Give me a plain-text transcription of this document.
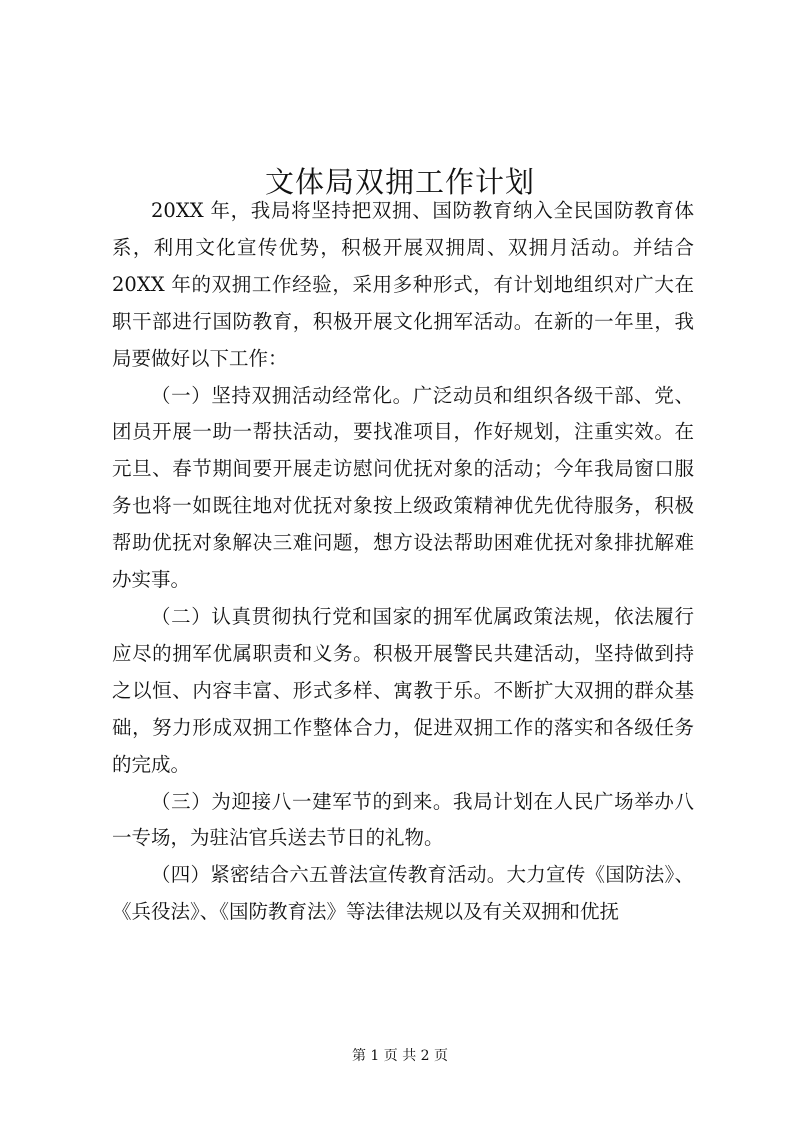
文体局双拥工作计划

20XX 年，我局将坚持把双拥、国防教育纳入全民国防教育体系，利用文化宣传优势，积极开展双拥周、双拥月活动。并结合 20XX 年的双拥工作经验，采用多种形式，有计划地组织对广大在职干部进行国防教育，积极开展文化拥军活动。在新的一年里，我局要做好以下工作：

（一）坚持双拥活动经常化。广泛动员和组织各级干部、党、团员开展一助一帮扶活动，要找准项目，作好规划，注重实效。在元旦、春节期间要开展走访慰问优抚对象的活动；今年我局窗口服务也将一如既往地对优抚对象按上级政策精神优先优待服务，积极帮助优抚对象解决三难问题，想方设法帮助困难优抚对象排扰解难办实事。

（二）认真贯彻执行党和国家的拥军优属政策法规，依法履行应尽的拥军优属职责和义务。积极开展警民共建活动，坚持做到持之以恒、内容丰富、形式多样、寓教于乐。不断扩大双拥的群众基础，努力形成双拥工作整体合力，促进双拥工作的落实和各级任务的完成。

（三）为迎接八一建军节的到来。我局计划在人民广场举办八一专场，为驻沾官兵送去节日的礼物。

（四）紧密结合六五普法宣传教育活动。大力宣传《国防法》、《兵役法》、《国防教育法》等法律法规以及有关双拥和优抚

第 1 页 共 2 页
